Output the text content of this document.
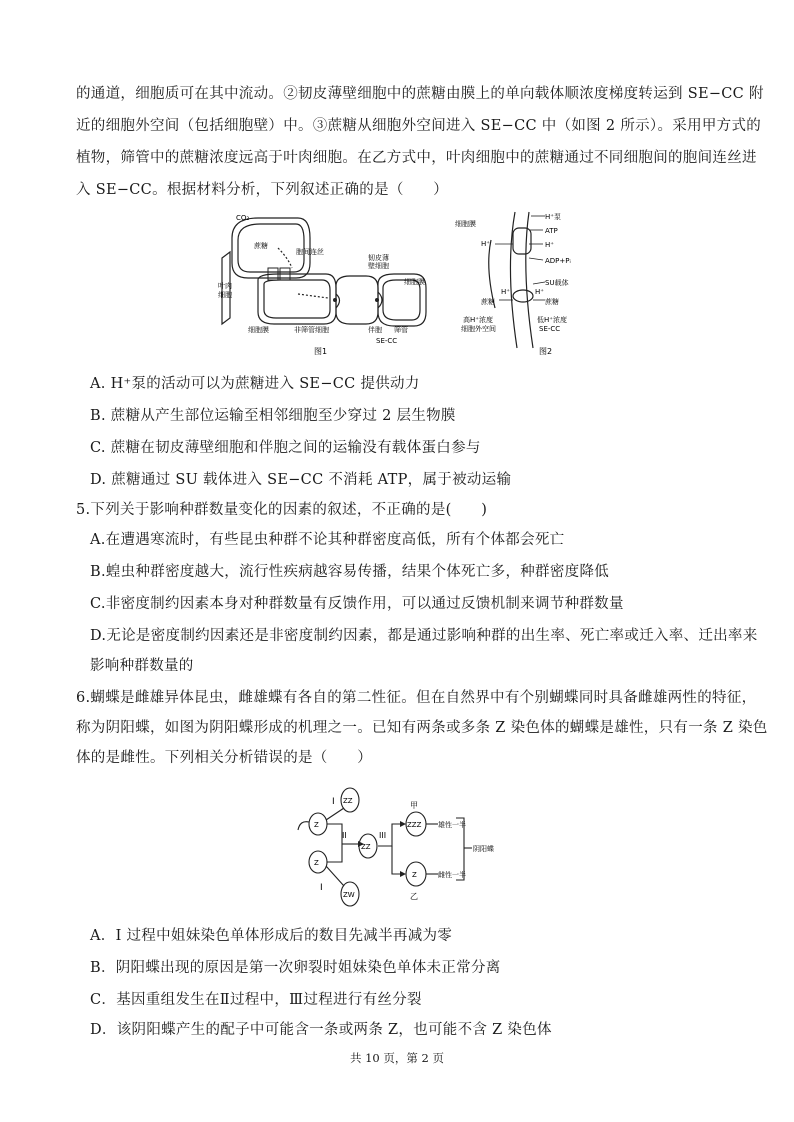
的通道，细胞质可在其中流动。②韧皮薄壁细胞中的蔗糖由膜上的单向载体顺浓度梯度转运到 SE−CC 附
近的细胞外空间（包括细胞壁）中。③蔗糖从细胞外空间进入 SE−CC 中（如图 2 所示）。采用甲方式的
植物，筛管中的蔗糖浓度远高于叶肉细胞。在乙方式中，叶肉细胞中的蔗糖通过不同细胞间的胞间连丝进
入 SE−CC。根据材料分析，下列叙述正确的是（　　）
CO₂
蔗糖
胞间连丝
韧皮薄
壁细胞
细胞膜
叶肉
细胞
细胞膜	非筛管细胞	伴胞 筛管
SE-CC
图1
细胞膜
H⁺泵
ATP
H⁺
H⁺
ADP+Pᵢ
SU载体
H⁺
H⁺
蔗糖	蔗糖
高H⁺浓度
细胞外空间
低H⁺浓度
SE-CC
图2
A. H⁺泵的活动可以为蔗糖进入 SE−CC 提供动力
B. 蔗糖从产生部位运输至相邻细胞至少穿过 2 层生物膜
C. 蔗糖在韧皮薄壁细胞和伴胞之间的运输没有载体蛋白参与
D. 蔗糖通过 SU 载体进入 SE−CC 不消耗 ATP，属于被动运输
5.下列关于影响种群数量变化的因素的叙述，不正确的是(　　)
A.在遭遇寒流时，有些昆虫种群不论其种群密度高低，所有个体都会死亡
B.蝗虫种群密度越大，流行性疾病越容易传播，结果个体死亡多，种群密度降低
C.非密度制约因素本身对种群数量有反馈作用，可以通过反馈机制来调节种群数量
D.无论是密度制约因素还是非密度制约因素，都是通过影响种群的出生率、死亡率或迁入率、迁出率来
影响种群数量的
6.蝴蝶是雌雄异体昆虫，雌雄蝶有各自的第二性征。但在自然界中有个别蝴蝶同时具备雌雄两性的特征，
称为阴阳蝶，如图为阴阳蝶形成的机理之一。已知有两条或多条 Z 染色体的蝴蝶是雄性，只有一条 Z 染色
体的是雌性。下列相关分析错误的是（　　）
I ZZ
Z
II
ZZ
III
Z
I
ZW
甲
ZZZ 雄性一半
Z	雌性一半
乙
阴阳蝶
A．I 过程中姐妹染色单体形成后的数目先减半再减为零
B．阴阳蝶出现的原因是第一次卵裂时姐妹染色单体未正常分离
C．基因重组发生在Ⅱ过程中，Ⅲ过程进行有丝分裂
D．该阴阳蝶产生的配子中可能含一条或两条 Z，也可能不含 Z 染色体
共 10 页，第 2 页
